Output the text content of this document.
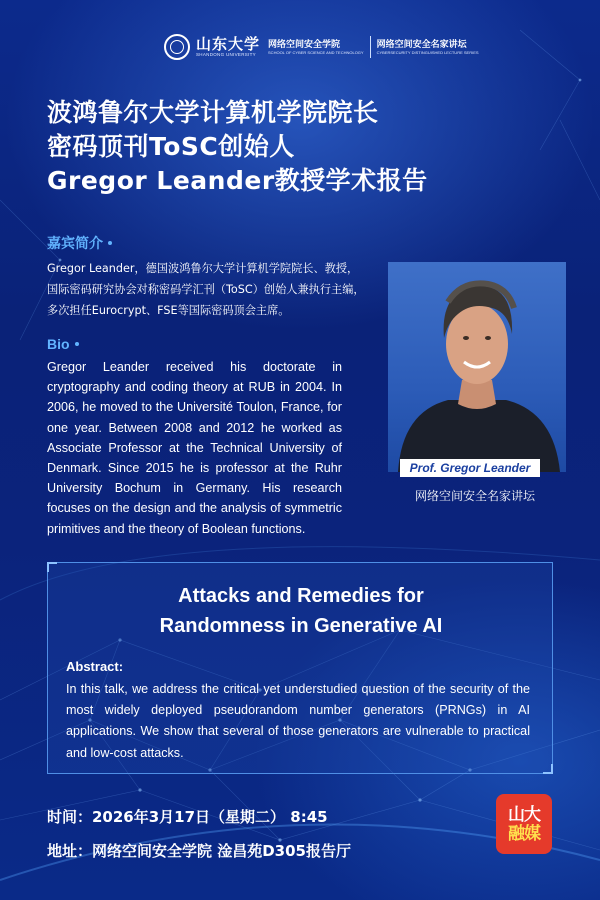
山东大学
SHANDONG UNIVERSITY
网络空间安全学院
SCHOOL OF CYBER SCIENCE AND TECHNOLOGY
网络空间安全名家讲坛
CYBERSECURITY DISTINGUISHED LECTURE SERIES
波鸿鲁尔大学计算机学院院长
密码顶刊ToSC创始人
Gregor Leander教授学术报告
嘉宾简介
Gregor Leander，德国波鸿鲁尔大学计算机学院院长、教授，国际密码研究协会对称密码学汇刊（ToSC）创始人兼执行主编，多次担任Eurocrypt、FSE等国际密码顶会主席。
Bio
Gregor Leander received his doctorate in cryptography and coding theory at RUB in 2004. In 2006, he moved to the Université Toulon, France, for one year. Between 2008 and 2012 he worked as Associate Professor at the Technical University of Denmark. Since 2015 he is professor at the Ruhr University Bochum in Germany. His research focuses on the design and the analysis of symmetric primitives and the theory of Boolean functions.
Prof. Gregor Leander
网络空间安全名家讲坛
Attacks and Remedies for
Randomness in Generative AI
Abstract:
In this talk, we address the critical yet understudied question of the security of the most widely deployed pseudorandom number generators (PRNGs) in AI applications. We show that several of those generators are vulnerable to practical and low-cost attacks.
时间：2026年3月17日（星期二） 8:45
地址：网络空间安全学院 淦昌苑D305报告厅
山大
融媒
